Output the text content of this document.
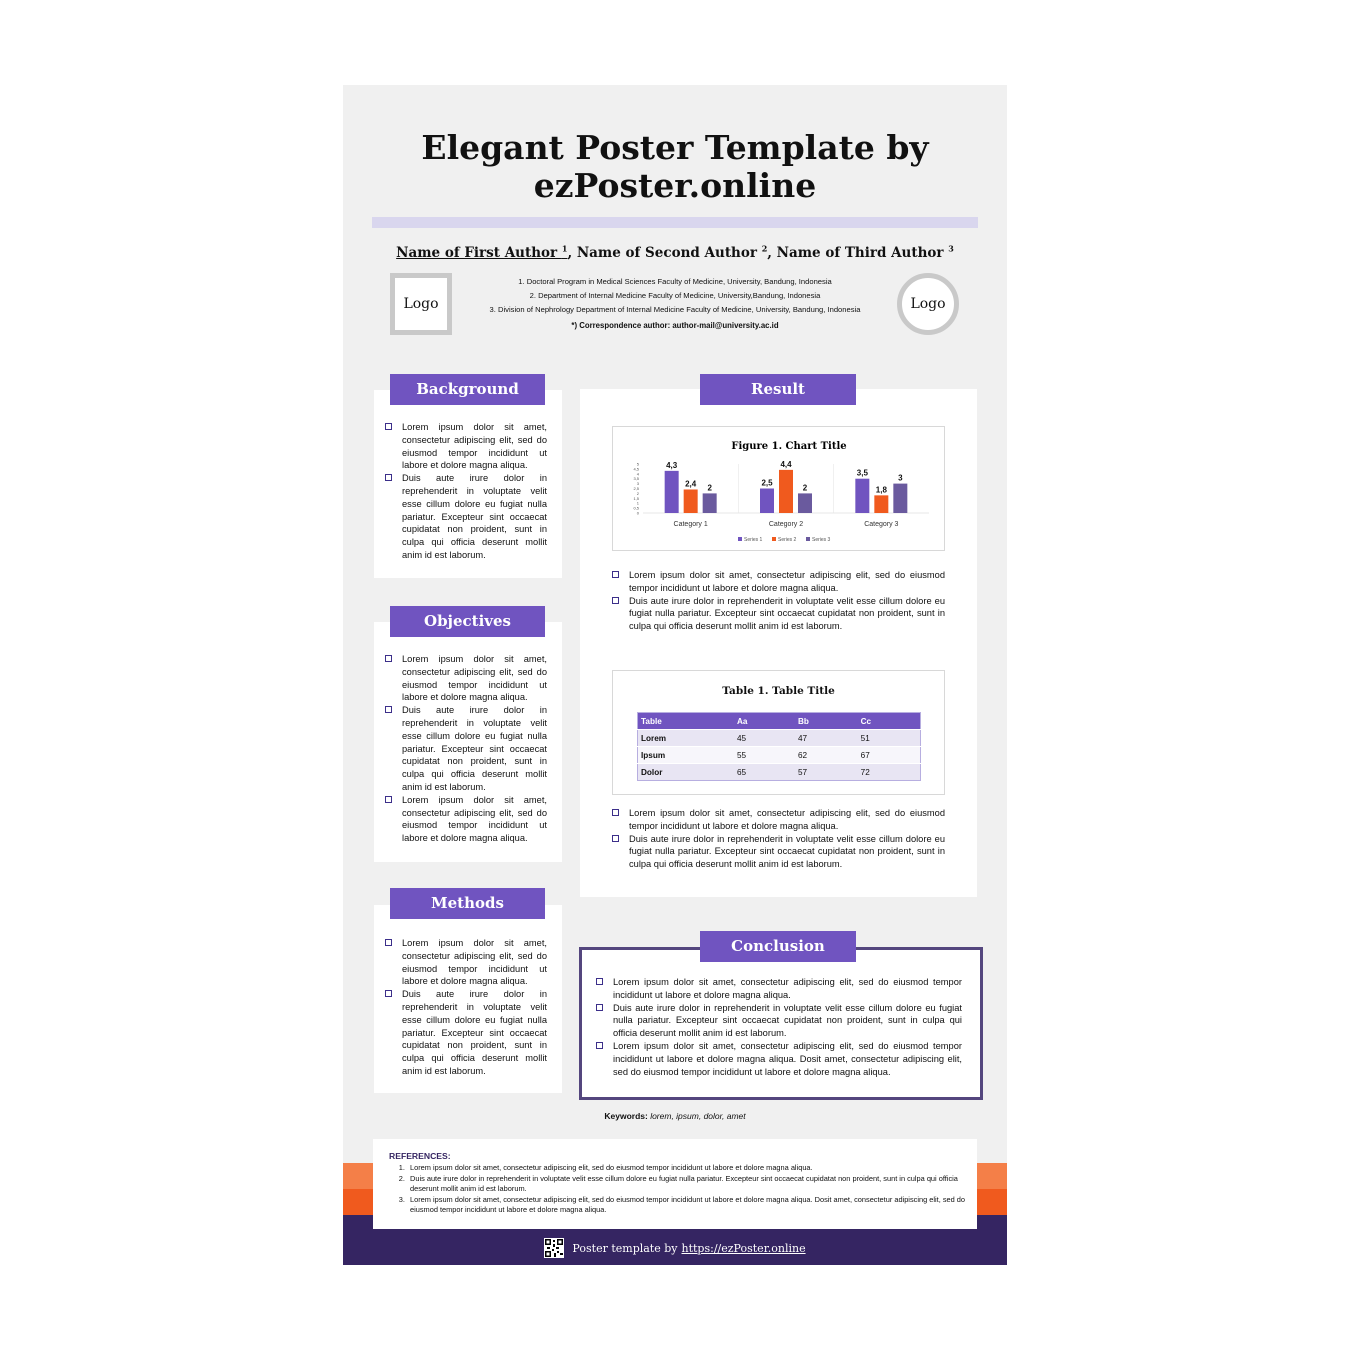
Elegant Poster Template by ezPoster.online
Name of First Author $^1$, Name of Second Author $^2$, Name of Third Author $^3$
Logo	Logo
1. Doctoral Program in Medical Sciences Faculty of Medicine, University, Bandung, Indonesia
2. Department of Internal Medicine Faculty of Medicine, University,Bandung, Indonesia
3. Division of Nephrology Department of Internal Medicine Faculty of Medicine, University, Bandung, Indonesia
*) Correspondence author: author-mail@university.ac.id
Background
Lorem ipsum dolor sit amet, consectetur adipiscing elit, sed do eiusmod tempor incididunt ut labore et dolore magna aliqua.
Duis aute irure dolor in reprehenderit in voluptate velit esse cillum dolore eu fugiat nulla pariatur. Excepteur sint occaecat cupidatat non proident, sunt in culpa qui officia deserunt mollit anim id est laborum.
Objectives
Lorem ipsum dolor sit amet, consectetur adipiscing elit, sed do eiusmod tempor incididunt ut labore et dolore magna aliqua.
Duis aute irure dolor in reprehenderit in voluptate velit esse cillum dolore eu fugiat nulla pariatur. Excepteur sint occaecat cupidatat non proident, sunt in culpa qui officia deserunt mollit anim id est laborum.
Lorem ipsum dolor sit amet, consectetur adipiscing elit, sed do eiusmod tempor incididunt ut labore et dolore magna aliqua.
Methods
Lorem ipsum dolor sit amet, consectetur adipiscing elit, sed do eiusmod tempor incididunt ut labore et dolore magna aliqua.
Duis aute irure dolor in reprehenderit in voluptate velit esse cillum dolore eu fugiat nulla pariatur. Excepteur sint occaecat cupidatat non proident, sunt in culpa qui officia deserunt mollit anim id est laborum.
Result
Figure 1. Chart Title
0
0,5
1
1,5
2
2,5
3
3,5
4
4,5
5	4,3
2,4 2
2,5
4,4
2
3,5
1,8
3
Category 1	Category 2	Category 3
Series 1	Series 2	Series 3
Lorem ipsum dolor sit amet, consectetur adipiscing elit, sed do eiusmod tempor incididunt ut labore et dolore magna aliqua.
Duis aute irure dolor in reprehenderit in voluptate velit esse cillum dolore eu fugiat nulla pariatur. Excepteur sint occaecat cupidatat non proident, sunt in culpa qui officia deserunt mollit anim id est laborum.
Table 1. Table Title
Table	Aa	Bb	Cc
Lorem	45	47	51
Ipsum	55	62	67
Dolor	65	57	72
Lorem ipsum dolor sit amet, consectetur adipiscing elit, sed do eiusmod tempor incididunt ut labore et dolore magna aliqua.
Duis aute irure dolor in reprehenderit in voluptate velit esse cillum dolore eu fugiat nulla pariatur. Excepteur sint occaecat cupidatat non proident, sunt in culpa qui officia deserunt mollit anim id est laborum.
Conclusion
Lorem ipsum dolor sit amet, consectetur adipiscing elit, sed do eiusmod tempor incididunt ut labore et dolore magna aliqua.
Duis aute irure dolor in reprehenderit in voluptate velit esse cillum dolore eu fugiat nulla pariatur. Excepteur sint occaecat cupidatat non proident, sunt in culpa qui officia deserunt mollit anim id est laborum.
Lorem ipsum dolor sit amet, consectetur adipiscing elit, sed do eiusmod tempor incididunt ut labore et dolore magna aliqua. Dosit amet, consectetur adipiscing elit, sed do eiusmod tempor incididunt ut labore et dolore magna aliqua.
Keywords: lorem, ipsum, dolor, amet
REFERENCES:
1. Lorem ipsum dolor sit amet, consectetur adipiscing elit, sed do eiusmod tempor incididunt ut labore et dolore magna aliqua.
2. Duis aute irure dolor in reprehenderit in voluptate velit esse cillum dolore eu fugiat nulla pariatur. Excepteur sint occaecat cupidatat non proident, sunt in culpa qui officia deserunt mollit anim id est laborum.
3. Lorem ipsum dolor sit amet, consectetur adipiscing elit, sed do eiusmod tempor incididunt ut labore et dolore magna aliqua. Dosit amet, consectetur adipiscing elit, sed do eiusmod tempor incididunt ut labore et dolore magna aliqua.
Poster template by https://ezPoster.online
